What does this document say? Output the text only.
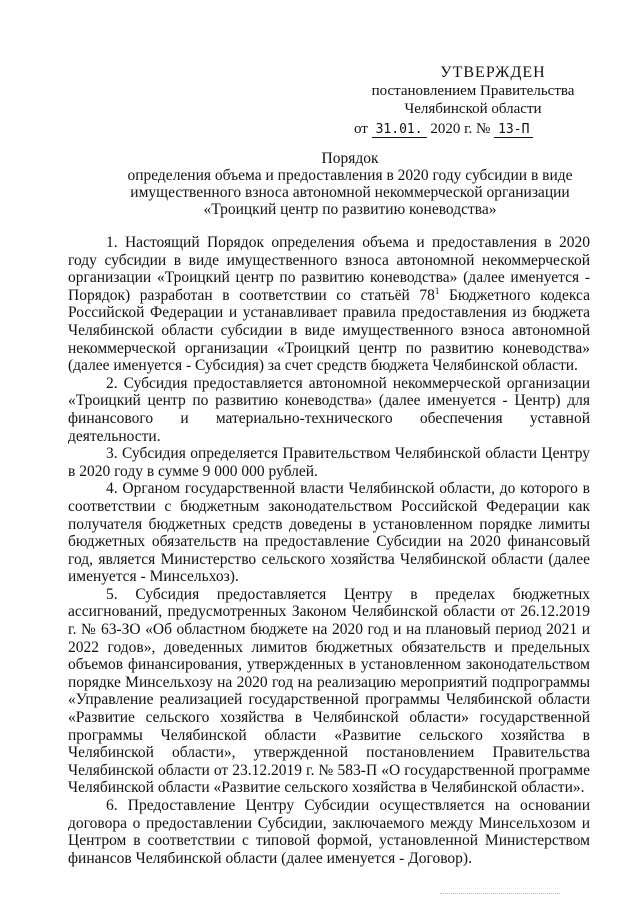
УТВЕРЖДЕН
постановлением Правительства
Челябинской области
от 31.01. 2020 г. № 13-П
Порядок
определения объема и предоставления в 2020 году субсидии в виде
имущественного взноса автономной некоммерческой организации
«Троицкий центр по развитию коневодства»

1. Настоящий Порядок определения объема и предоставления в 2020 году субсидии в виде имущественного взноса автономной некоммерческой организации «Троицкий центр по развитию коневодства» (далее именуется - Порядок) разработан в соответствии со статьёй $78^1$ Бюджетного кодекса Российской Федерации и устанавливает правила предоставления из бюджета Челябинской области субсидии в виде имущественного взноса автономной некоммерческой организации «Троицкий центр по развитию коневодства» (далее именуется - Субсидия) за счет средств бюджета Челябинской области.

2. Субсидия предоставляется автономной некоммерческой организации «Троицкий центр по развитию коневодства» (далее именуется - Центр) для финансового и материально-технического обеспечения уставной деятельности.

3. Субсидия определяется Правительством Челябинской области Центру в 2020 году в сумме 9 000 000 рублей.

4. Органом государственной власти Челябинской области, до которого в соответствии с бюджетным законодательством Российской Федерации как получателя бюджетных средств доведены в установленном порядке лимиты бюджетных обязательств на предоставление Субсидии на 2020 финансовый год, является Министерство сельского хозяйства Челябинской области (далее именуется - Минсельхоз).

5. Субсидия предоставляется Центру в пределах бюджетных ассигнований, предусмотренных Законом Челябинской области от 26.12.2019 г. № 63-ЗО «Об областном бюджете на 2020 год и на плановый период 2021 и 2022 годов», доведенных лимитов бюджетных обязательств и предельных объемов финансирования, утвержденных в установленном законодательством порядке Минсельхозу на 2020 год на реализацию мероприятий подпрограммы «Управление реализацией государственной программы Челябинской области «Развитие сельского хозяйства в Челябинской области» государственной программы Челябинской области «Развитие сельского хозяйства в Челябинской области», утвержденной постановлением Правительства Челябинской области от 23.12.2019 г. № 583-П «О государственной программе Челябинской области «Развитие сельского хозяйства в Челябинской области».

6. Предоставление Центру Субсидии осуществляется на основании договора о предоставлении Субсидии, заключаемого между Минсельхозом и Центром в соответствии с типовой формой, установленной Министерством финансов Челябинской области (далее именуется - Договор).
